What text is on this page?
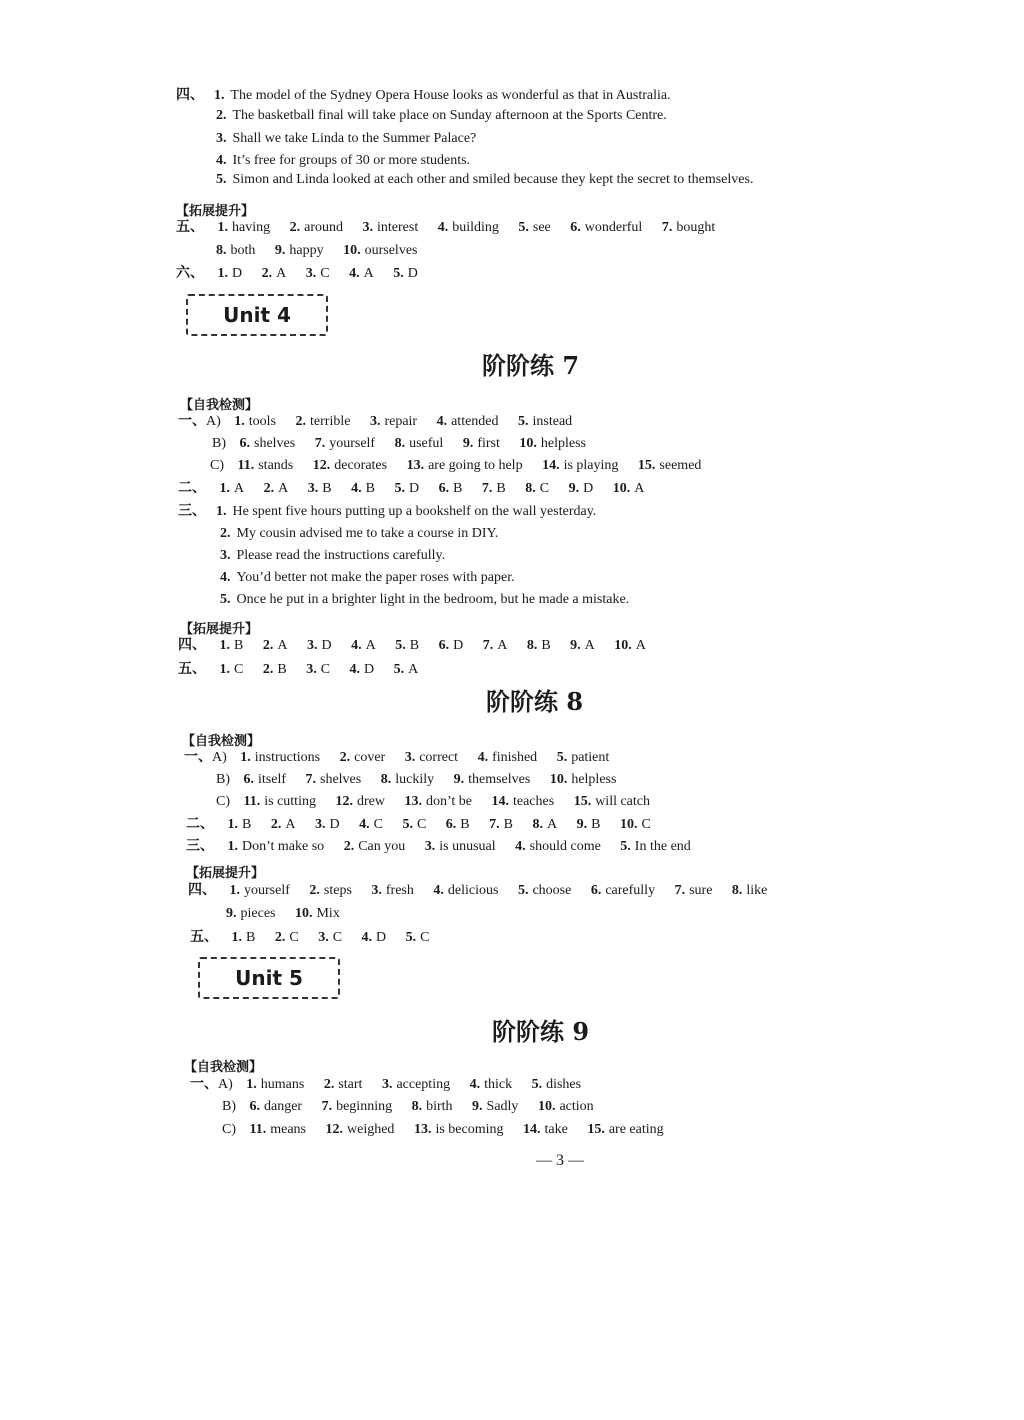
四、 1. The model of the Sydney Opera House looks as wonderful as that in Australia.
2. The basketball final will take place on Sunday afternoon at the Sports Centre.
3. Shall we take Linda to the Summer Palace?
4. It’s free for groups of 30 or more students.
5. Simon and Linda looked at each other and smiled because they kept the secret to themselves.
【拓展提升】
五、 1. having 2. around 3. interest 4. building 5. see 6. wonderful 7. bought
8. both 9. happy 10. ourselves
六、 1. D 2. A 3. C 4. A 5. D
Unit 4
阶阶练 7
【自我检测】
一、A) 1. tools 2. terrible 3. repair 4. attended 5. instead
B) 6. shelves 7. yourself 8. useful 9. first 10. helpless
C) 11. stands 12. decorates 13. are going to help 14. is playing 15. seemed
二、 1. A 2. A 3. B 4. B 5. D 6. B 7. B 8. C 9. D 10. A
三、 1. He spent five hours putting up a bookshelf on the wall yesterday.
2. My cousin advised me to take a course in DIY.
3. Please read the instructions carefully.
4. You’d better not make the paper roses with paper.
5. Once he put in a brighter light in the bedroom, but he made a mistake.
【拓展提升】
四、 1. B 2. A 3. D 4. A 5. B 6. D 7. A 8. B 9. A 10. A
五、 1. C 2. B 3. C 4. D 5. A
阶阶练 8
【自我检测】
一、A) 1. instructions 2. cover 3. correct 4. finished 5. patient
B) 6. itself 7. shelves 8. luckily 9. themselves 10. helpless
C) 11. is cutting 12. drew 13. don’t be 14. teaches 15. will catch
二、 1. B 2. A 3. D 4. C 5. C 6. B 7. B 8. A 9. B 10. C
三、 1. Don’t make so 2. Can you 3. is unusual 4. should come 5. In the end
【拓展提升】
四、 1. yourself 2. steps 3. fresh 4. delicious 5. choose 6. carefully 7. sure 8. like
9. pieces 10. Mix
五、 1. B 2. C 3. C 4. D 5. C
Unit 5
阶阶练 9
【自我检测】
一、A) 1. humans 2. start 3. accepting 4. thick 5. dishes
B) 6. danger 7. beginning 8. birth 9. Sadly 10. action
C) 11. means 12. weighed 13. is becoming 14. take 15. are eating
— 3 —
